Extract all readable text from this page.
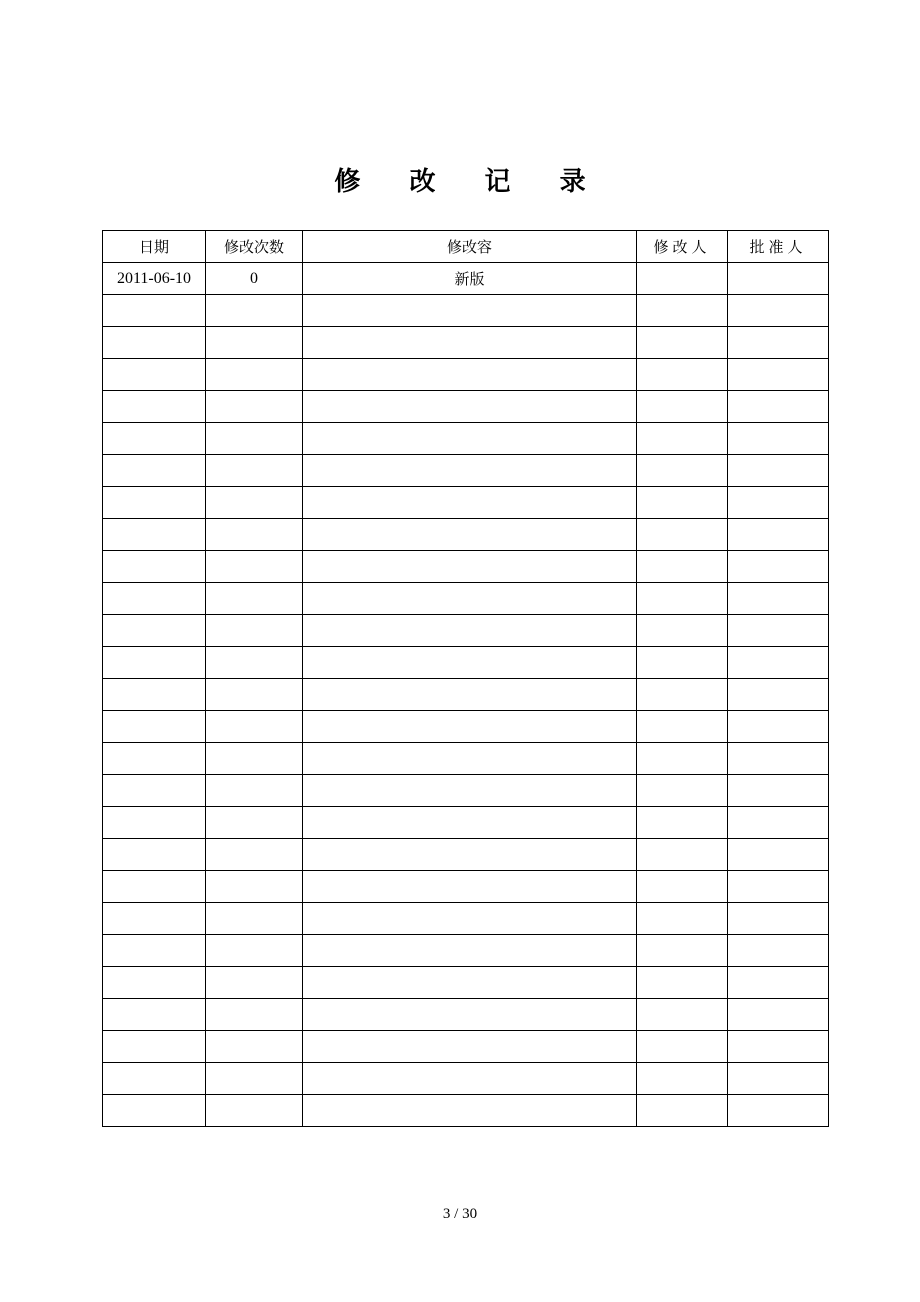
修 改 记 录
日期	修改次数	修改容	修改人	批准人
2011-06-10	0	新版		

3 / 30
